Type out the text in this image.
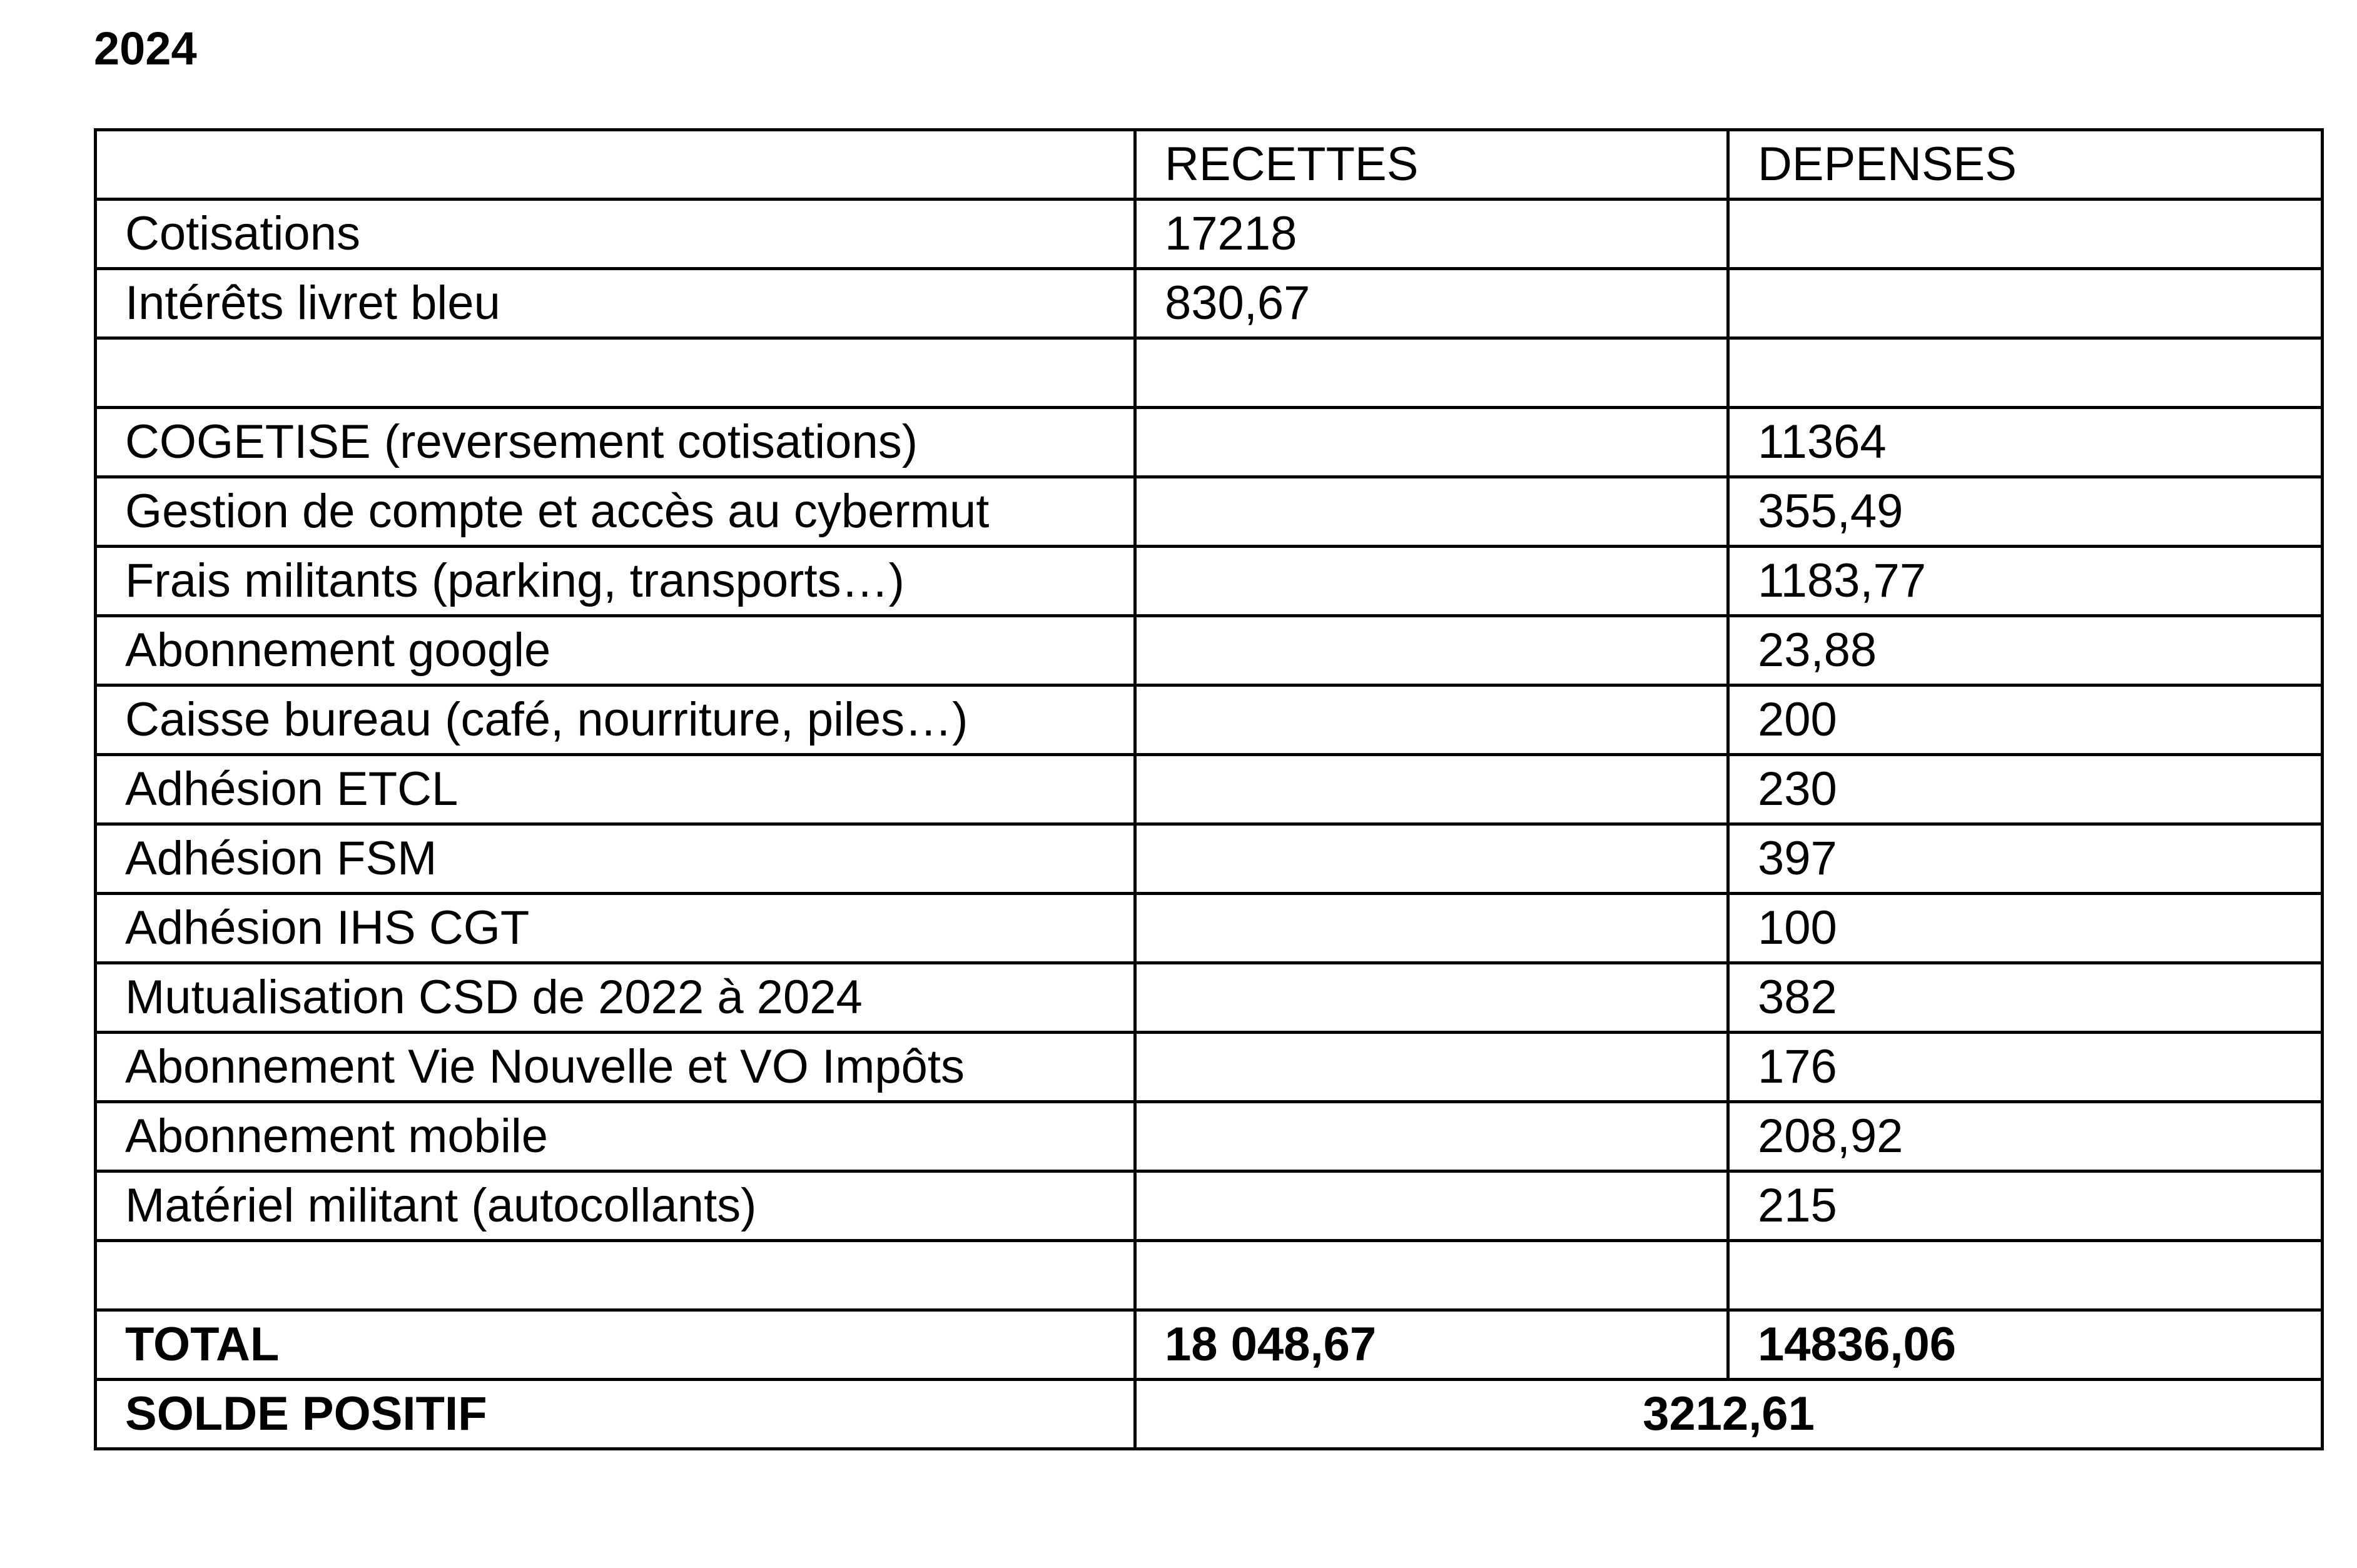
2024
	RECETTES	DEPENSES
Cotisations	17218	
Intérêts livret bleu	830,67	

COGETISE (reversement cotisations)		11364
Gestion de compte et accès au cybermut		355,49
Frais militants (parking, transports…)		1183,77
Abonnement google		23,88
Caisse bureau (café, nourriture, piles…)		200
Adhésion ETCL		230
Adhésion FSM		397
Adhésion IHS CGT		100
Mutualisation CSD de 2022 à 2024		382
Abonnement Vie Nouvelle et VO Impôts		176
Abonnement mobile		208,92
Matériel militant (autocollants)		215

TOTAL	18 048,67	14836,06
SOLDE POSITIF	3212,61	
